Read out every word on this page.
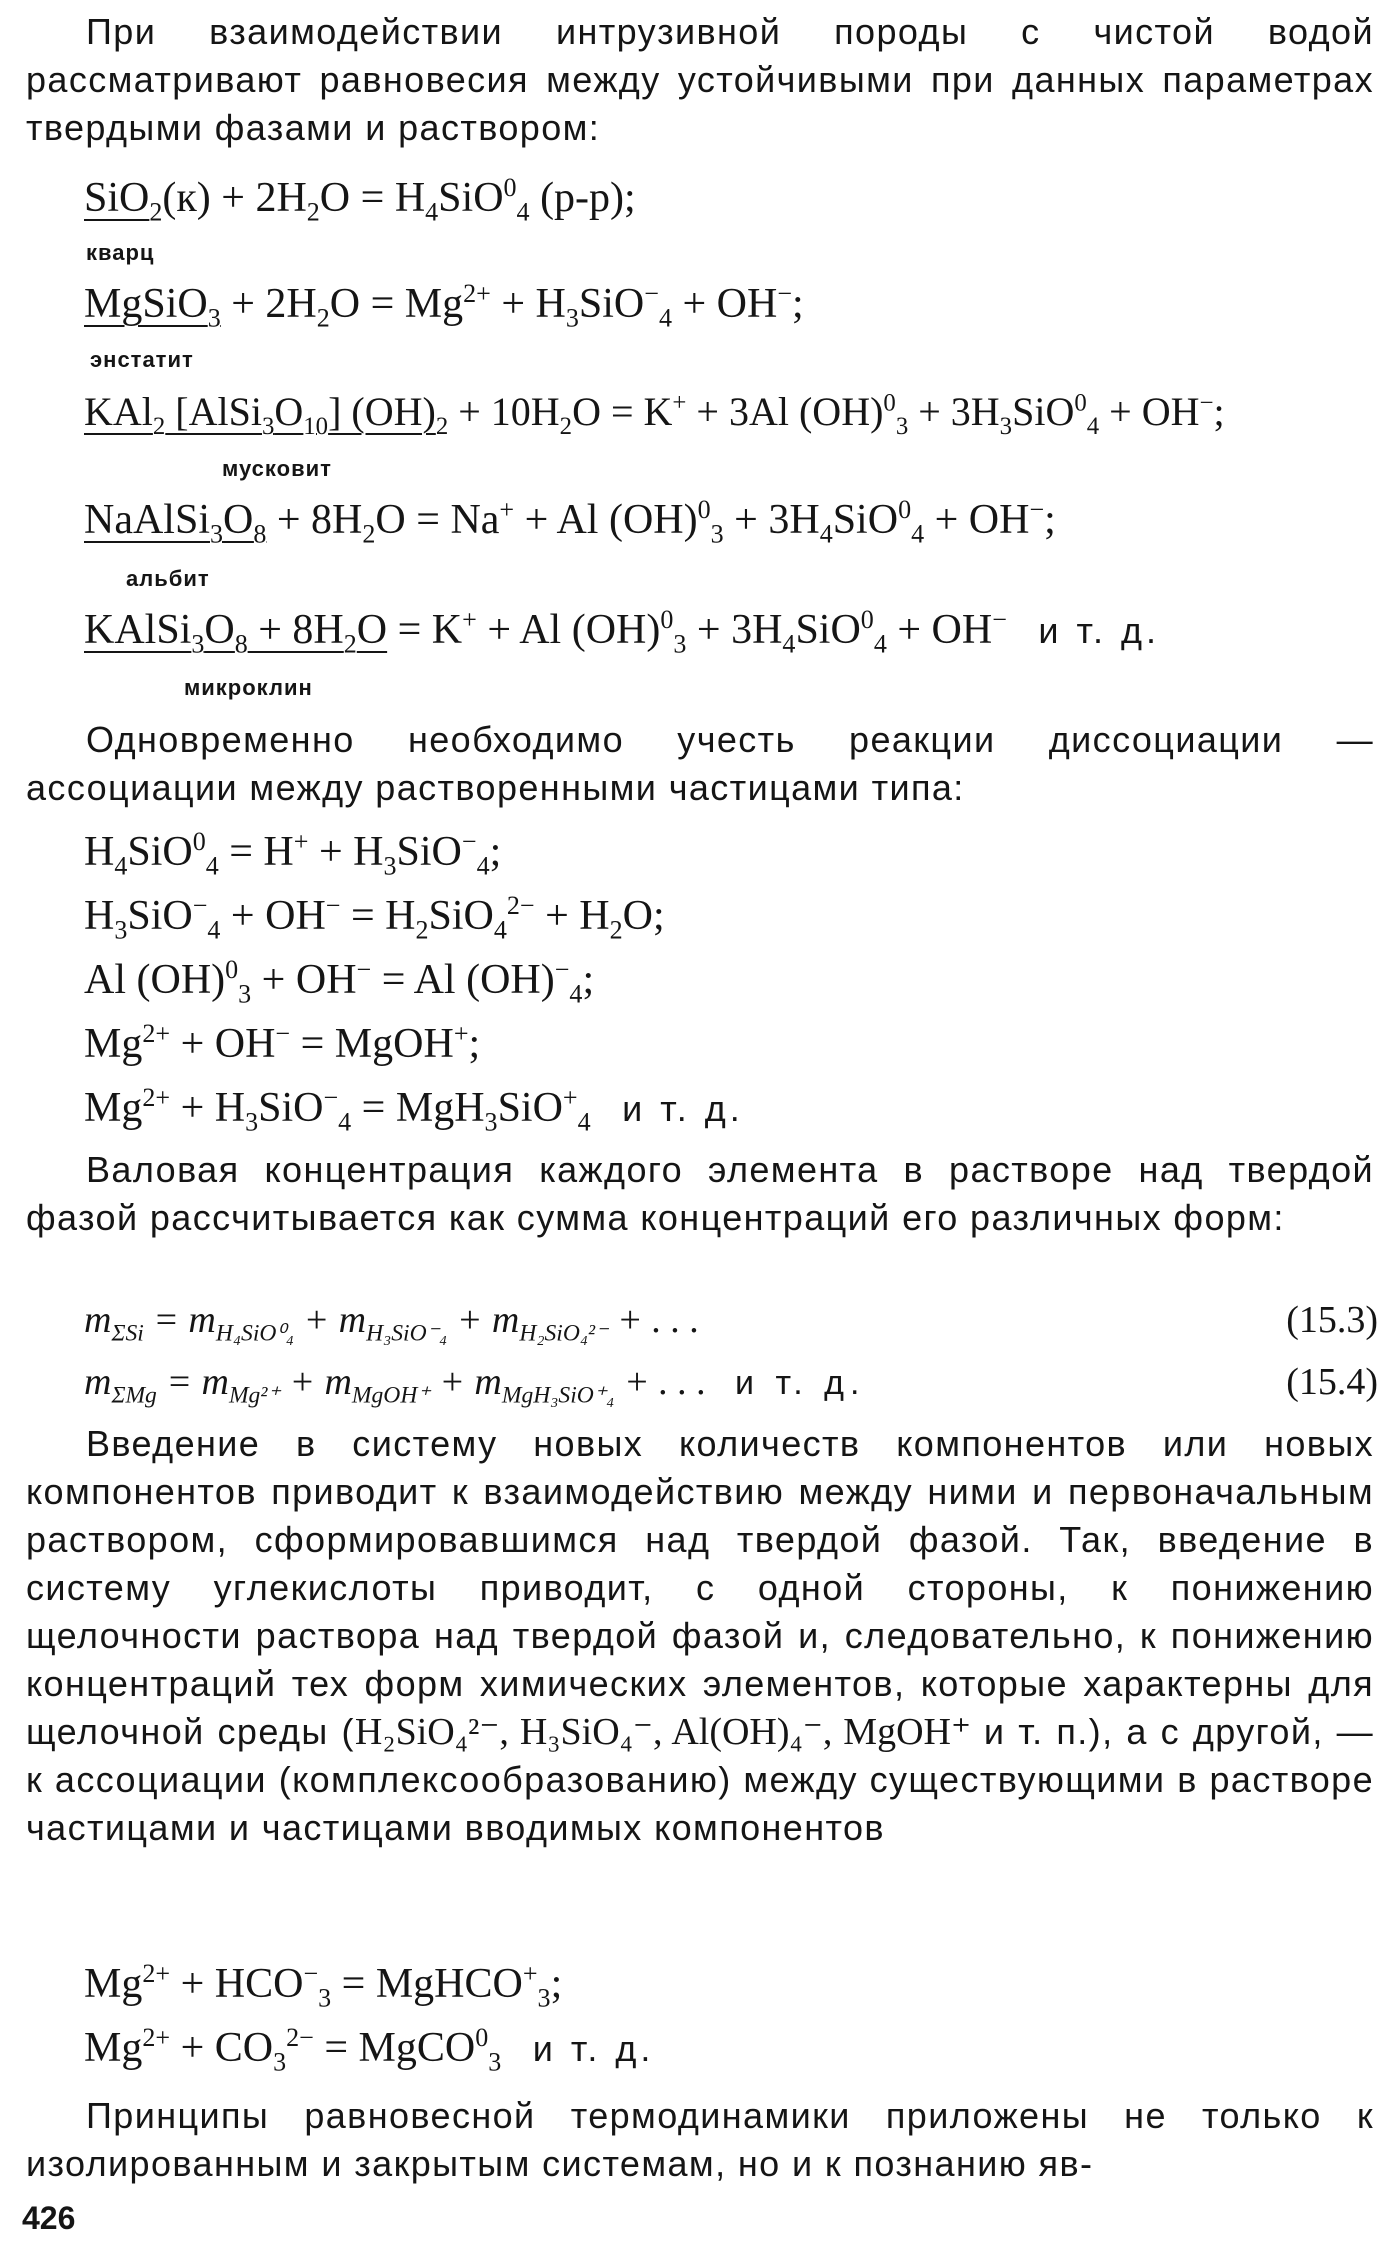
При взаимодействии интрузивной породы с чистой водой рассматривают равновесия между устойчивыми при данных параметрах твердыми фазами и раствором:

$SiO_2(к) + 2H_2O = H_4SiO^0_4$ (р-р);
кварц
MgSiO$_3$ + $2H_2O = Mg^{2+} + H_3SiO^-_4 + OH^-$;
энстатит
KAl$_2$ $[AlSi_3O_{10}] (OH)_2 + 10H_2O = K^+ + 3Al$ $(OH)^0_3 + 3H_3SiO^0_4 + OH^-$;
мусковит
$NaAlSi_3O_8 + 8H_2O = Na^+ + Al$ $(OH)^0_3 + 3H_4SiO^0_4 + OH^-$;
альбит
$KAlSi_3O_8 + 8H_2O = K^+ + Al$ $(OH)^0_3 + 3H_4SiO^0_4 + OH^-$ и т. д.
микроклин

Одновременно необходимо учесть реакции диссоциации — ассоциации между растворенными частицами типа:

$H_4SiO^0_4 = H^+ + H_3SiO^-_4$;
$H_3SiO^-_4 + OH^- = H_2SiO_4^{2-} + H_2O$;
Al (OH)$^0_3$ + OH− = Al $(OH)^-_4$;
$Mg^{2+} + OH^-$ = MgOH+;
$Mg^{2+} + H_3SiO^-_4 = MgH_3SiO^+_4$ и т. д.

Валовая концентрация каждого элемента в растворе над твердой фазой рассчитывается как сумма концентраций его различных форм:

$m_{\Sigma Si} = m_{H_4SiO^0_4} + m_{H_3SiO^-_4} + m_{H_2SiO_4^{2-}}$ + . . .	(15.3)
$m_{\Sigma Mg} = m_{Mg^{2+}} + m_{MgOH^+} + m_{MgH_3SiO^+_4}$ + . . .   и т. д.	(15.4)

Введение в систему новых количеств компонентов или новых компонентов приводит к взаимодействию между ними и первоначальным раствором, сформировавшимся над твердой фазой. Так, введение в систему углекислоты приводит, с одной стороны, к понижению щелочности раствора над твердой фазой и, следовательно, к понижению концентраций тех форм химических элементов, которые характерны для щелочной среды (H₂SiO₄²⁻, H₃SiO₄⁻, Al(OH)₄⁻, MgOH⁺ и т. п.), а с другой, — к ассоциации (комплексообразованию) между существующими в растворе частицами и частицами вводимых компонентов

$Mg^{2+} + HCO^-_3$ = MgHCO+$_3$;
$Mg^{2+} + CO_3^{2-}$ = MgCO$^0_3$ и т. д.

Принципы равновесной термодинамики приложены не только к изолированным и закрытым системам, но и к познанию яв-

426
